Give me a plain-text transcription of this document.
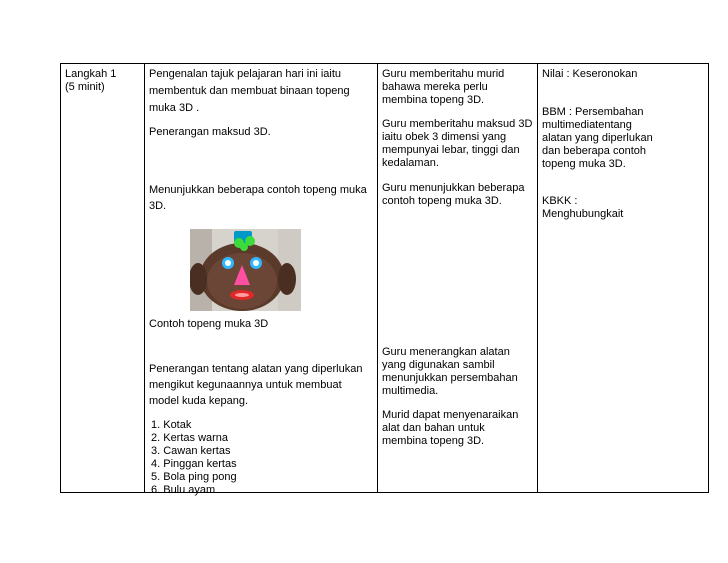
Langkah 1
(5 minit)

Pengenalan tajuk pelajaran hari ini iaitu
membentuk dan membuat binaan topeng
muka 3D .
Penerangan maksud 3D.
Menunjukkan beberapa contoh topeng muka
3D.
Contoh topeng muka 3D
Penerangan tentang alatan yang diperlukan
mengikut kegunaannya untuk membuat
model kuda kepang.
1. Kotak
2. Kertas warna
3. Cawan kertas
4. Pinggan kertas
5. Bola ping pong
6. Bulu ayam

Guru memberitahu murid
bahawa mereka perlu
membina topeng 3D.
Guru memberitahu maksud 3D
iaitu obek 3 dimensi yang
mempunyai lebar, tinggi dan
kedalaman.
Guru menunjukkan beberapa
contoh topeng muka 3D.
Guru menerangkan alatan
yang digunakan sambil
menunjukkan persembahan
multimedia.
Murid dapat menyenaraikan
alat dan bahan untuk
membina topeng 3D.

Nilai : Keseronokan
BBM : Persembahan
multimediatentang
alatan yang diperlukan
dan beberapa contoh
topeng muka 3D.
KBKK :
Menghubungkait
